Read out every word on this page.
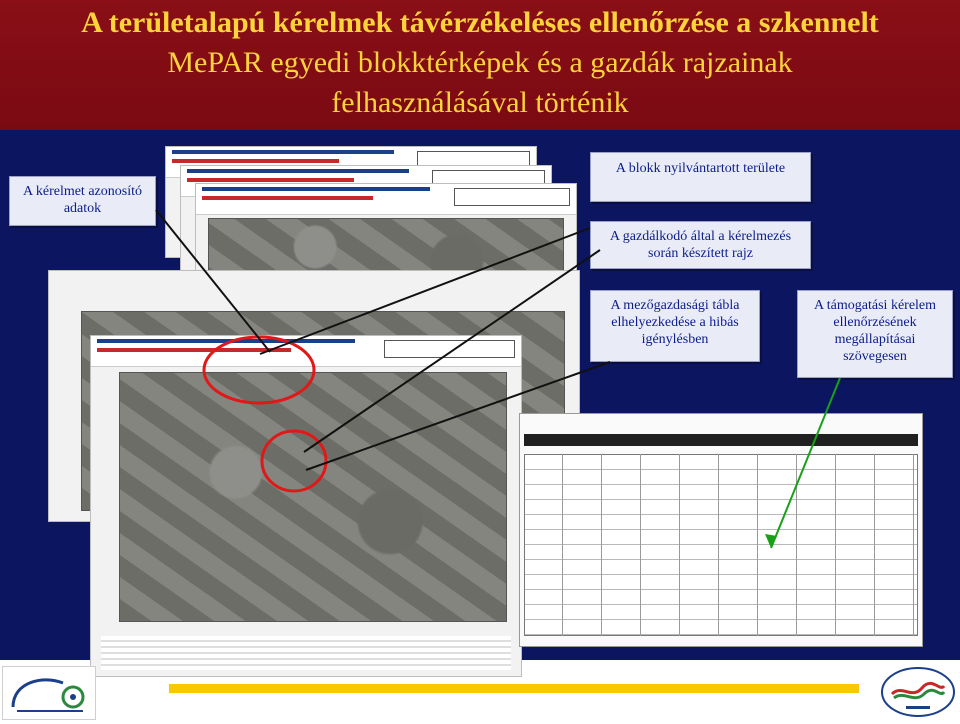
A területalapú kérelmek távérzékeléses ellenőrzése a szkennelt
MePAR egyedi blokktérképek és a gazdák rajzainak
felhasználásával történik
A kérelmet azonosító adatok
A blokk nyilvántartott területe
A gazdálkodó által a kérelmezés során készített rajz
A mezőgazdasági tábla elhelyezkedése a hibás igénylésben
A támogatási kérelem ellenőrzésének megállapításai szövegesen
